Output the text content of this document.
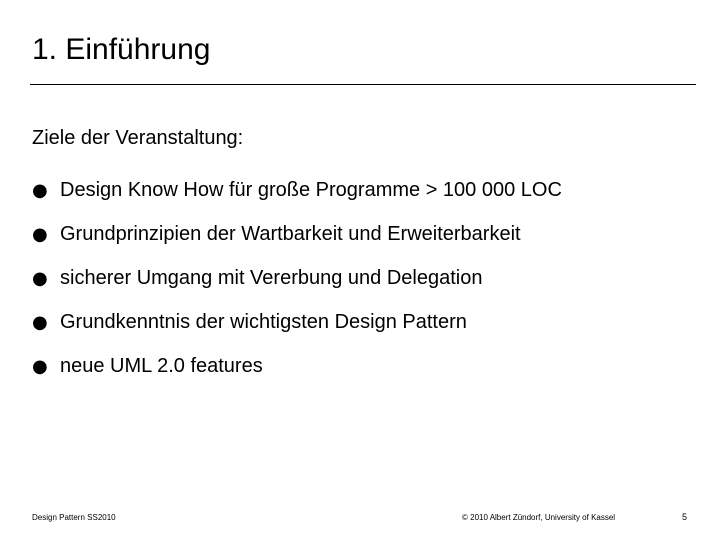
1. Einführung
Ziele der Veranstaltung:
● Design Know How für große Programme > 100 000 LOC
● Grundprinzipien der Wartbarkeit und Erweiterbarkeit
● sicherer Umgang mit Vererbung und Delegation
● Grundkenntnis der wichtigsten Design Pattern
● neue UML 2.0 features
Design Pattern SS2010	© 2010 Albert Zündorf, University of Kassel	5
